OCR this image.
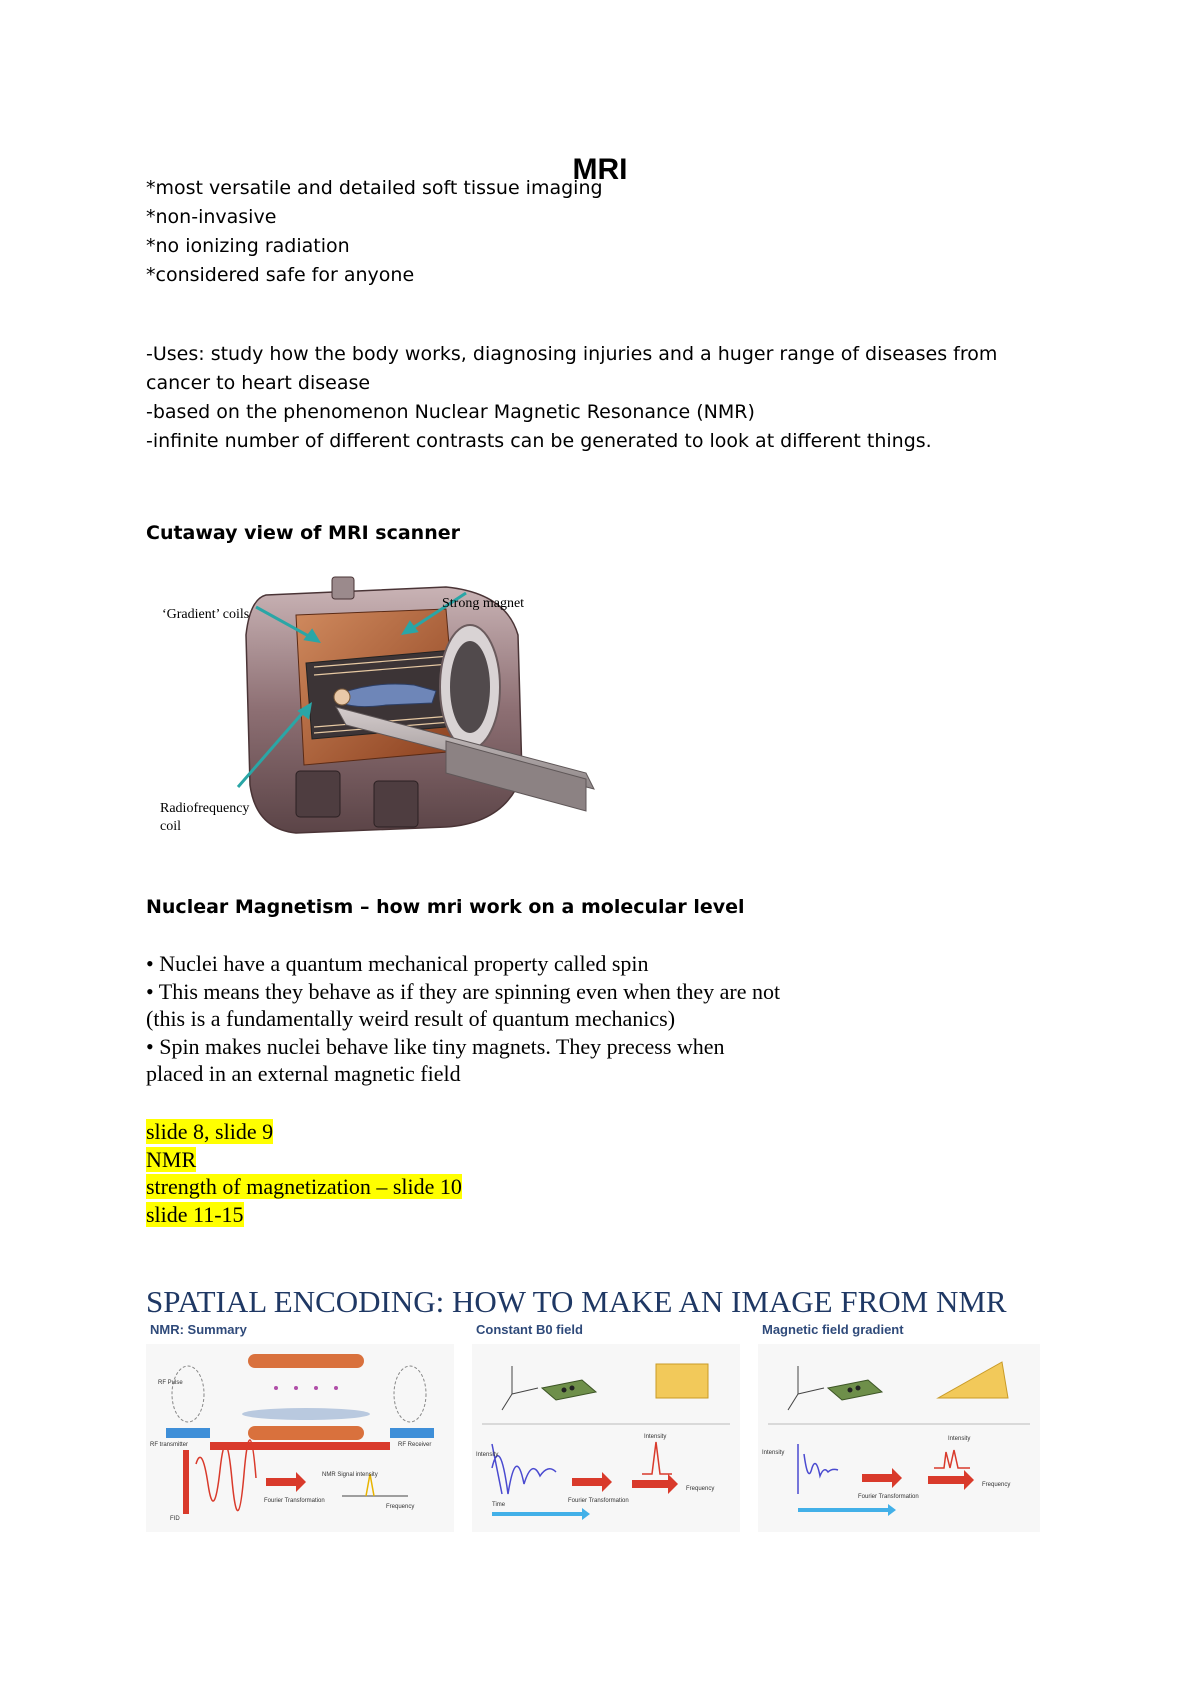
MRI
*most versatile and detailed soft tissue imaging
*non-invasive
*no ionizing radiation
*considered safe for anyone
-Uses: study how the body works, diagnosing injuries and a huger range of diseases from
cancer to heart disease
-based on the phenomenon Nuclear Magnetic Resonance (NMR)
-infinite number of different contrasts can be generated to look at different things.
Cutaway view of MRI scanner
‘Gradient’ coils
Strong magnet
Radiofrequency
coil
Nuclear Magnetism – how mri work on a molecular level
• Nuclei have a quantum mechanical property called spin
• This means they behave as if they are spinning even when they are not
(this is a fundamentally weird result of quantum mechanics)
• Spin makes nuclei behave like tiny magnets. They precess when
placed in an external magnetic field
slide 8, slide 9
NMR
strength of magnetization – slide 10
slide 11-15
SPATIAL ENCODING: HOW TO MAKE AN IMAGE FROM NMR
NMR: Summary
RF Pulse
RF transmitter	RF Receiver
FID
Fourier Transformation
NMR Signal intensity
Frequency
Constant B0 field
Intensity
Intensity
Fourier Transformation
Frequency
Time
Magnetic field gradient
Intensity
Intensity
Fourier Transformation
Frequency
